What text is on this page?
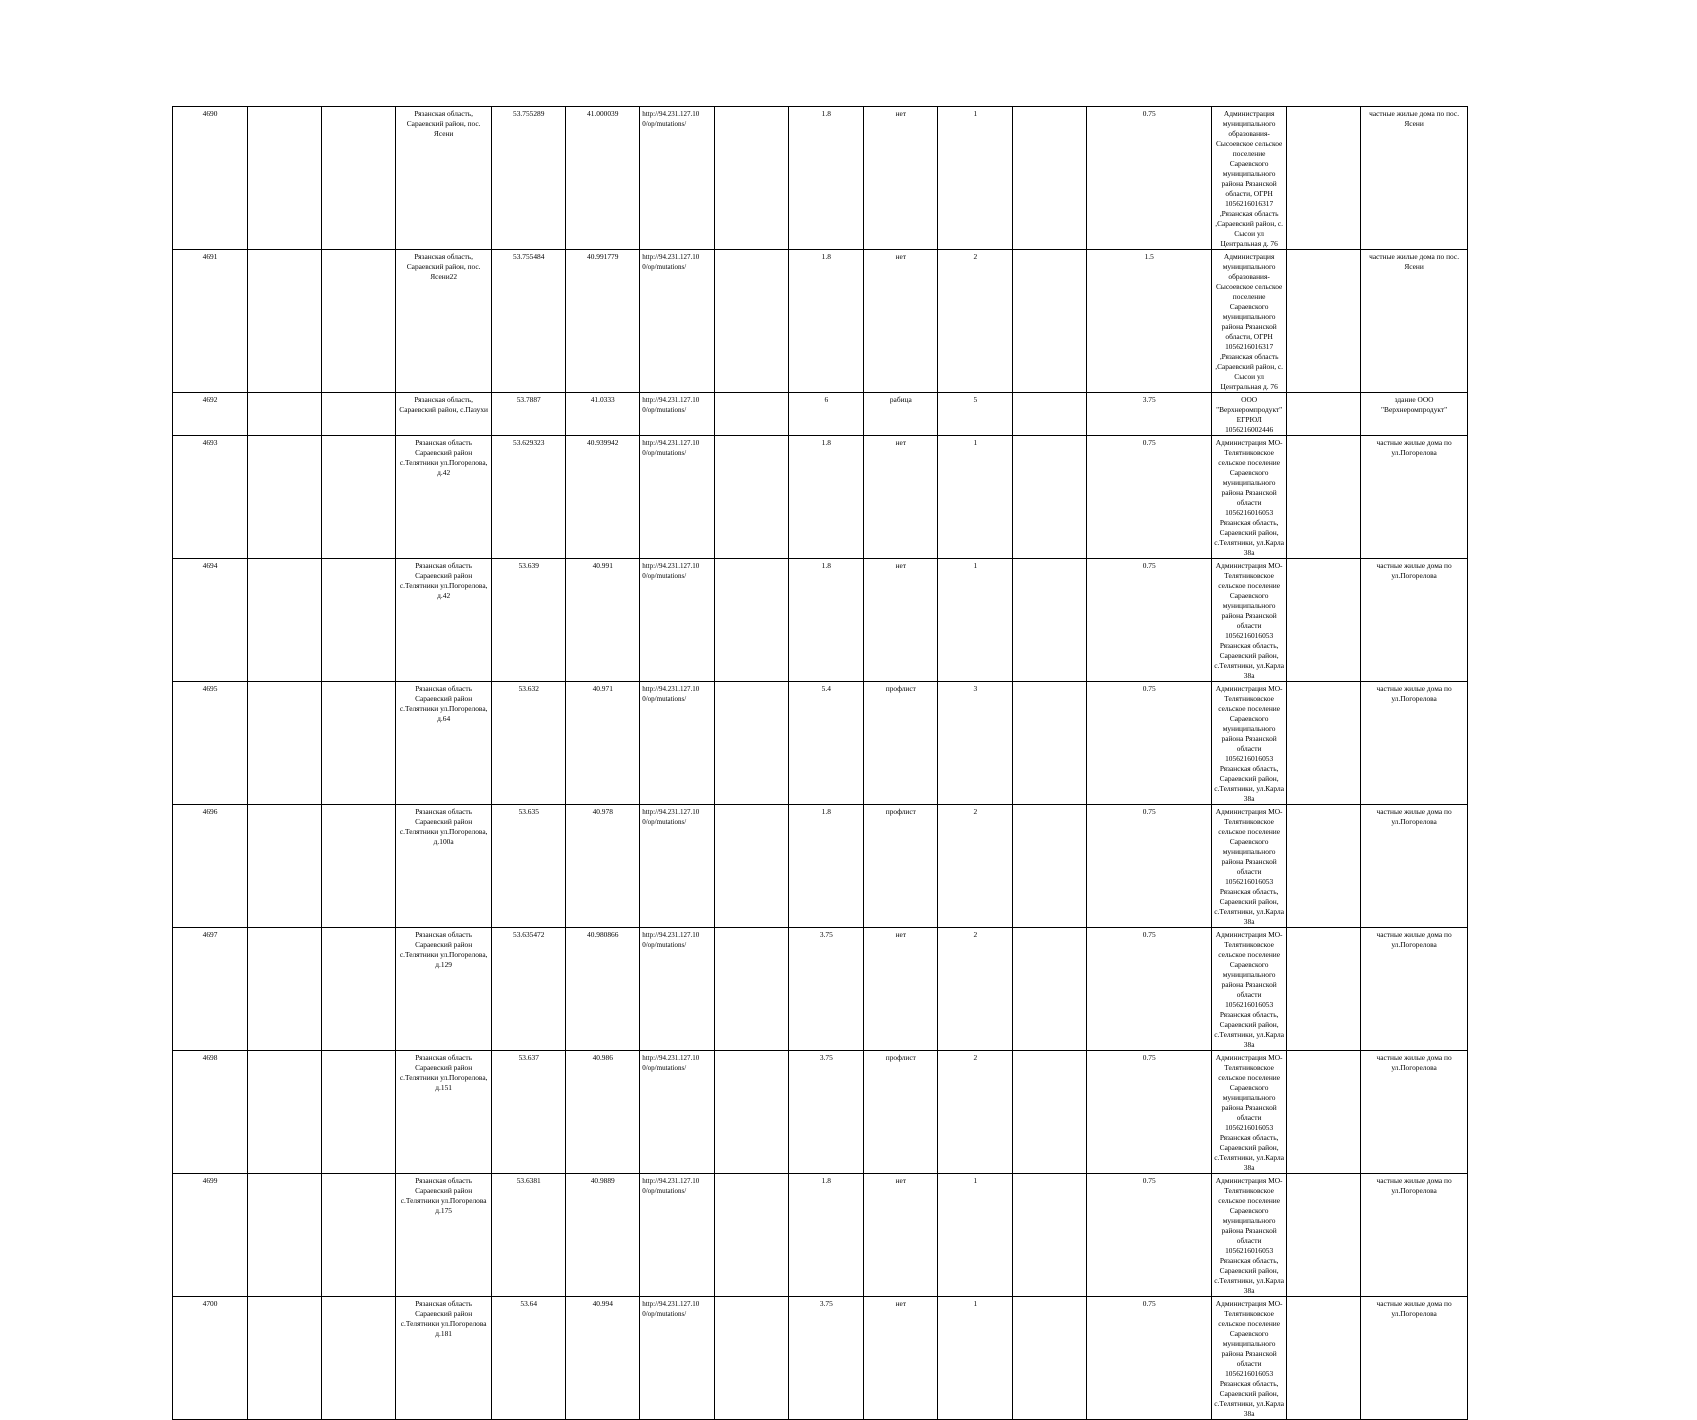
4690			Рязанская область, Сараевский район, пос. Ясени	53.755289	41.000039	http://94.231.127.10 0/op/mutations/		1.8	нет	1		0.75	Администрация муниципального образования-Сысоевское сельское поселение Сараевского муниципального района Рязанской области, ОГРН 1056216016317 ,Рязанская область ,Сараевский район, с. Сысои ул Центральная д. 76		частные жилые дома по пос. Ясени
4691			Рязанская область, Сараевский район, пос. Ясени22	53.755484	40.991779	http://94.231.127.10 0/op/mutations/		1.8	нет	2		1.5	Администрация муниципального образования-Сысоевское сельское поселение Сараевского муниципального района Рязанской области, ОГРН 1056216016317 ,Рязанская область ,Сараевский район, с. Сысои ул Центральная д. 76		частные жилые дома по пос. Ясени
4692			Рязанская область, Сараевский район, с.Пазухи	53.7887	41.0333	http://94.231.127.10 0/op/mutations/		6	рабица	5		3.75	ООО "Верхнеромпродукт" ЕГРЮЛ 1056216002446		здание ООО "Верхнеромпродукт"
4693			Рязанская область Сараевский район с.Телятники ул.Погорелова, д.42	53.629323	40.939942	http://94.231.127.10 0/op/mutations/		1.8	нет	1		0.75	Администрация МО-Телятниковское сельское поселение Сараевского муниципального района Рязанской области 1056216016053 Рязанская область, Сараевский район, с.Телятники, ул.Карла 38а		частные жилые дома по ул.Погорелова
4694			Рязанская область Сараевский район с.Телятники ул.Погорелова, д.42	53.639	40.991	http://94.231.127.10 0/op/mutations/		1.8	нет	1		0.75	Администрация МО-Телятниковское сельское поселение Сараевского муниципального района Рязанской области 1056216016053 Рязанская область, Сараевский район, с.Телятники, ул.Карла 38а		частные жилые дома по ул.Погорелова
4695			Рязанская область Сараевский район с.Телятники ул.Погорелова, д.64	53.632	40.971	http://94.231.127.10 0/op/mutations/		5.4	профлист	3		0.75	Администрация МО-Телятниковское сельское поселение Сараевского муниципального района Рязанской области 1056216016053 Рязанская область, Сараевский район, с.Телятники, ул.Карла 38а		частные жилые дома по ул.Погорелова
4696			Рязанская область Сараевский район с.Телятники ул.Погорелова, д.100а	53.635	40.978	http://94.231.127.10 0/op/mutations/		1.8	профлист	2		0.75	Администрация МО-Телятниковское сельское поселение Сараевского муниципального района Рязанской области 1056216016053 Рязанская область, Сараевский район, с.Телятники, ул.Карла 38а		частные жилые дома по ул.Погорелова
4697			Рязанская область Сараевский район с.Телятники ул.Погорелова, д.129	53.635472	40.980866	http://94.231.127.10 0/op/mutations/		3.75	нет	2		0.75	Администрация МО-Телятниковское сельское поселение Сараевского муниципального района Рязанской области 1056216016053 Рязанская область, Сараевский район, с.Телятники, ул.Карла 38а		частные жилые дома по ул.Погорелова
4698			Рязанская область Сараевский район с.Телятники ул.Погорелова, д.151	53.637	40.986	http://94.231.127.10 0/op/mutations/		3.75	профлист	2		0.75	Администрация МО-Телятниковское сельское поселение Сараевского муниципального района Рязанской области 1056216016053 Рязанская область, Сараевский район, с.Телятники, ул.Карла 38а		частные жилые дома по ул.Погорелова
4699			Рязанская область Сараевский район с.Телятники ул.Погорелова д.175	53.6381	40.9889	http://94.231.127.10 0/op/mutations/		1.8	нет	1		0.75	Администрация МО-Телятниковское сельское поселение Сараевского муниципального района Рязанской области 1056216016053 Рязанская область, Сараевский район, с.Телятники, ул.Карла 38а		частные жилые дома по ул.Погорелова
4700			Рязанская область Сараевский район с.Телятники ул.Погорелова д.181	53.64	40.994	http://94.231.127.10 0/op/mutations/		3.75	нет	1		0.75	Администрация МО-Телятниковское сельское поселение Сараевского муниципального района Рязанской области 1056216016053 Рязанская область, Сараевский район, с.Телятники, ул.Карла 38а		частные жилые дома по ул.Погорелова
